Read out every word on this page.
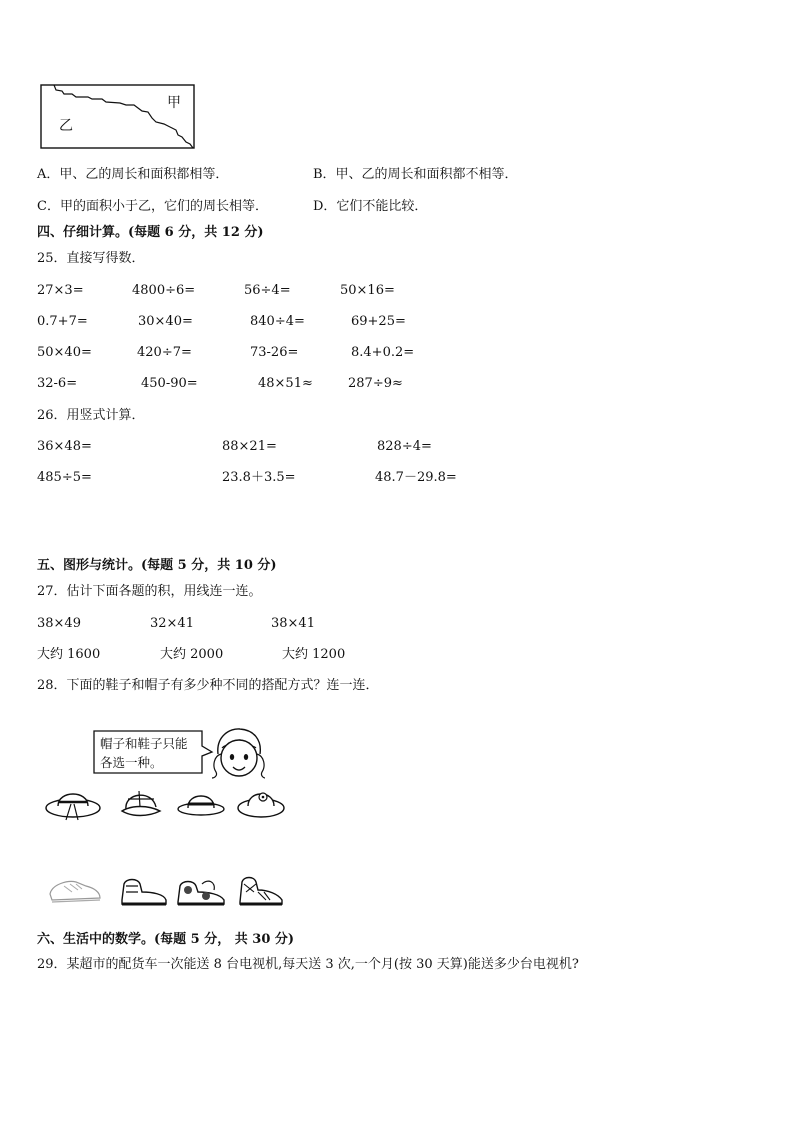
甲
乙
A．甲、乙的周长和面积都相等．	B．甲、乙的周长和面积都不相等．
C．甲的面积小于乙，它们的周长相等．	D．它们不能比较．
四、仔细计算。(每题 6 分，共 12 分)
25．直接写得数．
27×3=	4800÷6=	56÷4=	50×16=
0.7+7=	30×40=	840÷4=	69+25=
50×40=	420÷7=	73-26=	8.4+0.2=
32-6=	450-90=	48×51≈	287÷9≈
26．用竖式计算．
36×48=	88×21=	828÷4=
485÷5=	23.8＋3.5=	48.7－29.8=
五、图形与统计。(每题 5 分，共 10 分)
27．估计下面各题的积，用线连一连。
38×49	32×41	38×41
大约 1600	大约 2000	大约 1200
28．下面的鞋子和帽子有多少种不同的搭配方式？连一连．
帽子和鞋子只能
各选一种。
六、生活中的数学。(每题 5 分， 共 30 分)
29．某超市的配货车一次能送 8 台电视机,每天送 3 次,一个月(按 30 天算)能送多少台电视机?
